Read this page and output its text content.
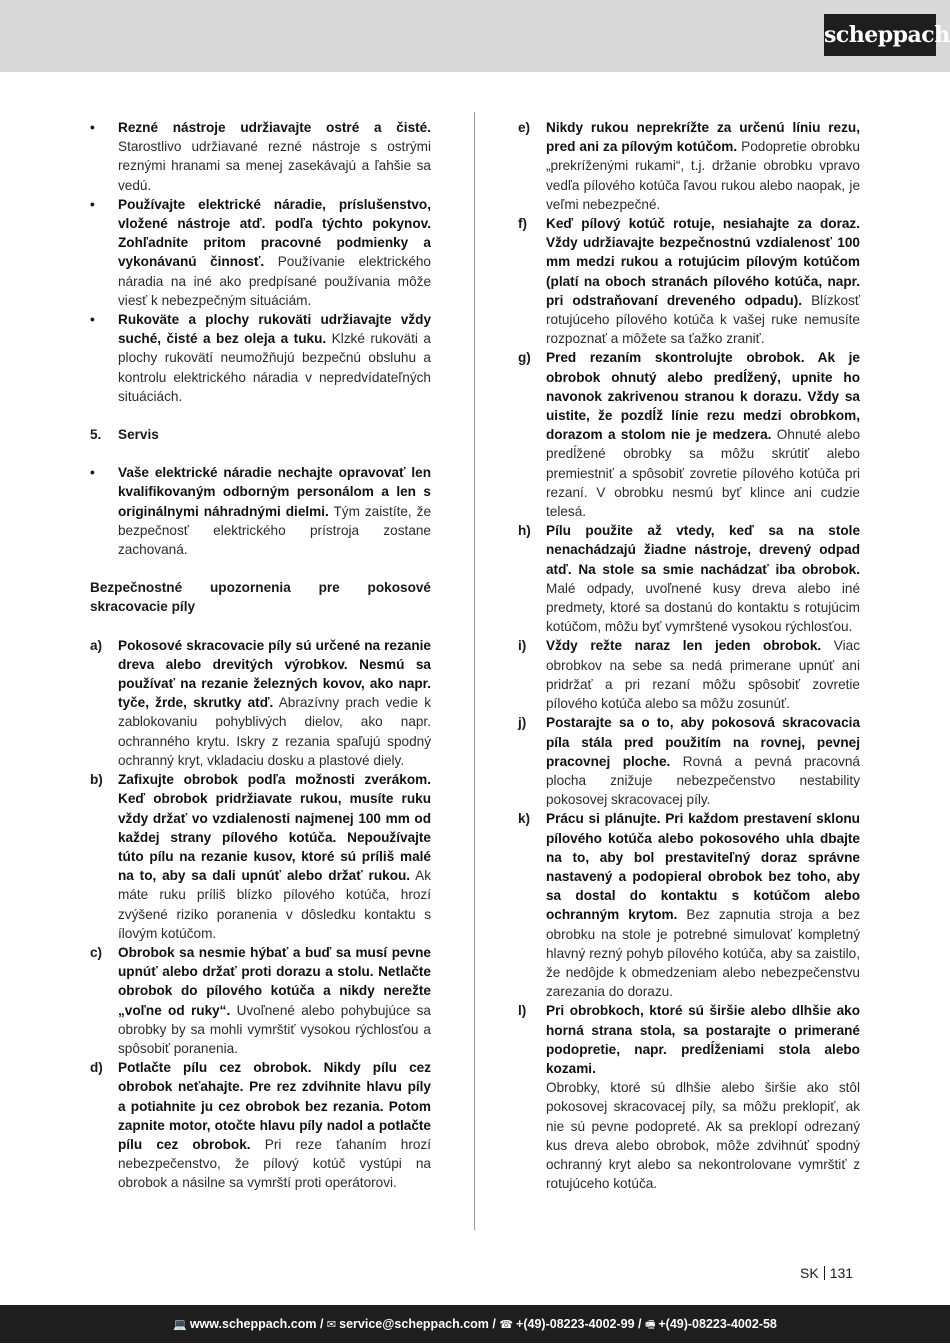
scheppach
•	Rezné nástroje udržiavajte ostré a čisté. Starostlivo udržiavané rezné nástroje s ostrými reznými hranami sa menej zasekávajú a ľahšie sa vedú.
•	Používajte elektrické náradie, príslušenstvo, vložené nástroje atď. podľa týchto pokynov. Zohľadnite pritom pracovné podmienky a vykonávanú činnosť. Používanie elektrického náradia na iné ako predpísané používania môže viesť k nebezpečným situáciám.
•	Rukoväte a plochy rukoväti udržiavajte vždy suché, čisté a bez oleja a tuku. Klzké rukoväti a plochy rukovätí neumožňujú bezpečnú obsluhu a kontrolu elektrického náradia v nepredvídateľných situáciách.
5.	Servis
•	Vaše elektrické náradie nechajte opravovať len kvalifikovaným odborným personálom a len s originálnymi náhradnými dielmi. Tým zaistíte, že bezpečnosť elektrického prístroja zostane zachovaná.
Bezpečnostné upozornenia pre pokosové skracovacie píly
a)	Pokosové skracovacie píly sú určené na rezanie dreva alebo drevitých výrobkov. Nesmú sa používať na rezanie železných kovov, ako napr. tyče, žrde, skrutky atď. Abrazívny prach vedie k zablokovaniu pohyblivých dielov, ako napr. ochranného krytu. Iskry z rezania spaľujú spodný ochranný kryt, vkladaciu dosku a plastové diely.
b)	Zafixujte obrobok podľa možnosti zverákom. Keď obrobok pridržiavate rukou, musíte ruku vždy držať vo vzdialenosti najmenej 100 mm od každej strany pílového kotúča. Nepoužívajte túto pílu na rezanie kusov, ktoré sú príliš malé na to, aby sa dali upnúť alebo držať rukou. Ak máte ruku príliš blízko pílového kotúča, hrozí zvýšené riziko poranenia v dôsledku kontaktu s ílovým kotúčom.
c)	Obrobok sa nesmie hýbať a buď sa musí pevne upnúť alebo držať proti dorazu a stolu. Netlačte obrobok do pílového kotúča a nikdy nerežte „voľne od ruky“. Uvoľnené alebo pohybujúce sa obrobky by sa mohli vymrštiť vysokou rýchlosťou a spôsobiť poranenia.
d)	Potlačte pílu cez obrobok. Nikdy pílu cez obrobok neťahajte. Pre rez zdvihnite hlavu píly a potiahnite ju cez obrobok bez rezania. Potom zapnite motor, otočte hlavu píly nadol a potlačte pílu cez obrobok. Pri reze ťahaním hrozí nebezpečenstvo, že pílový kotúč vystúpi na obrobok a násilne sa vymrští proti operátorovi.
e)	Nikdy rukou neprekrížte za určenú líniu rezu, pred ani za pílovým kotúčom. Podopretie obrobku „prekríženými rukami“, t.j. držanie obrobku vpravo vedľa pílového kotúča ľavou rukou alebo naopak, je veľmi nebezpečné.
f)	Keď pílový kotúč rotuje, nesiahajte za doraz. Vždy udržiavajte bezpečnostnú vzdialenosť 100 mm medzi rukou a rotujúcim pílovým kotúčom (platí na oboch stranách pílového kotúča, napr. pri odstraňovaní dreveného odpadu). Blízkosť rotujúceho pílového kotúča k vašej ruke nemusíte rozpoznať a môžete sa ťažko zraniť.
g)	Pred rezaním skontrolujte obrobok. Ak je obrobok ohnutý alebo predĺžený, upnite ho navonok zakrivenou stranou k dorazu. Vždy sa uistite, že pozdĺž línie rezu medzi obrobkom, dorazom a stolom nie je medzera. Ohnuté alebo predĺžené obrobky sa môžu skrútiť alebo premiestniť a spôsobiť zovretie pílového kotúča pri rezaní. V obrobku nesmú byť klince ani cudzie telesá.
h)	Pílu použite až vtedy, keď sa na stole nenachádzajú žiadne nástroje, drevený odpad atď. Na stole sa smie nachádzať iba obrobok. Malé odpady, uvoľnené kusy dreva alebo iné predmety, ktoré sa dostanú do kontaktu s rotujúcim kotúčom, môžu byť vymrštené vysokou rýchlosťou.
i)	Vždy režte naraz len jeden obrobok. Viac obrobkov na sebe sa nedá primerane upnúť ani pridržať a pri rezaní môžu spôsobiť zovretie pílového kotúča alebo sa môžu zosunúť.
j)	Postarajte sa o to, aby pokosová skracovacia píla stála pred použitím na rovnej, pevnej pracovnej ploche. Rovná a pevná pracovná plocha znižuje nebezpečenstvo nestability pokosovej skracovacej píly.
k)	Prácu si plánujte. Pri každom prestavení sklonu pílového kotúča alebo pokosového uhla dbajte na to, aby bol prestaviteľný doraz správne nastavený a podopieral obrobok bez toho, aby sa dostal do kontaktu s kotúčom alebo ochranným krytom. Bez zapnutia stroja a bez obrobku na stole je potrebné simulovať kompletný hlavný rezný pohyb pílového kotúča, aby sa zaistilo, že nedôjde k obmedzeniam alebo nebezpečenstvu zarezania do dorazu.
l)	Pri obrobkoch, ktoré sú širšie alebo dlhšie ako horná strana stola, sa postarajte o primerané podopretie, napr. predĺženiami stola alebo kozami.
Obrobky, ktoré sú dlhšie alebo širšie ako stôl pokosovej skracovacej píly, sa môžu preklopiť, ak nie sú pevne podopreté. Ak sa preklopí odrezaný kus dreva alebo obrobok, môže zdvihnúť spodný ochranný kryt alebo sa nekontrolovane vymrštiť z rotujúceho kotúča.
SK 131
💻 www.scheppach.com / ✉ service@scheppach.com / ☎ +(49)-08223-4002-99 / 🖷 +(49)-08223-4002-58
